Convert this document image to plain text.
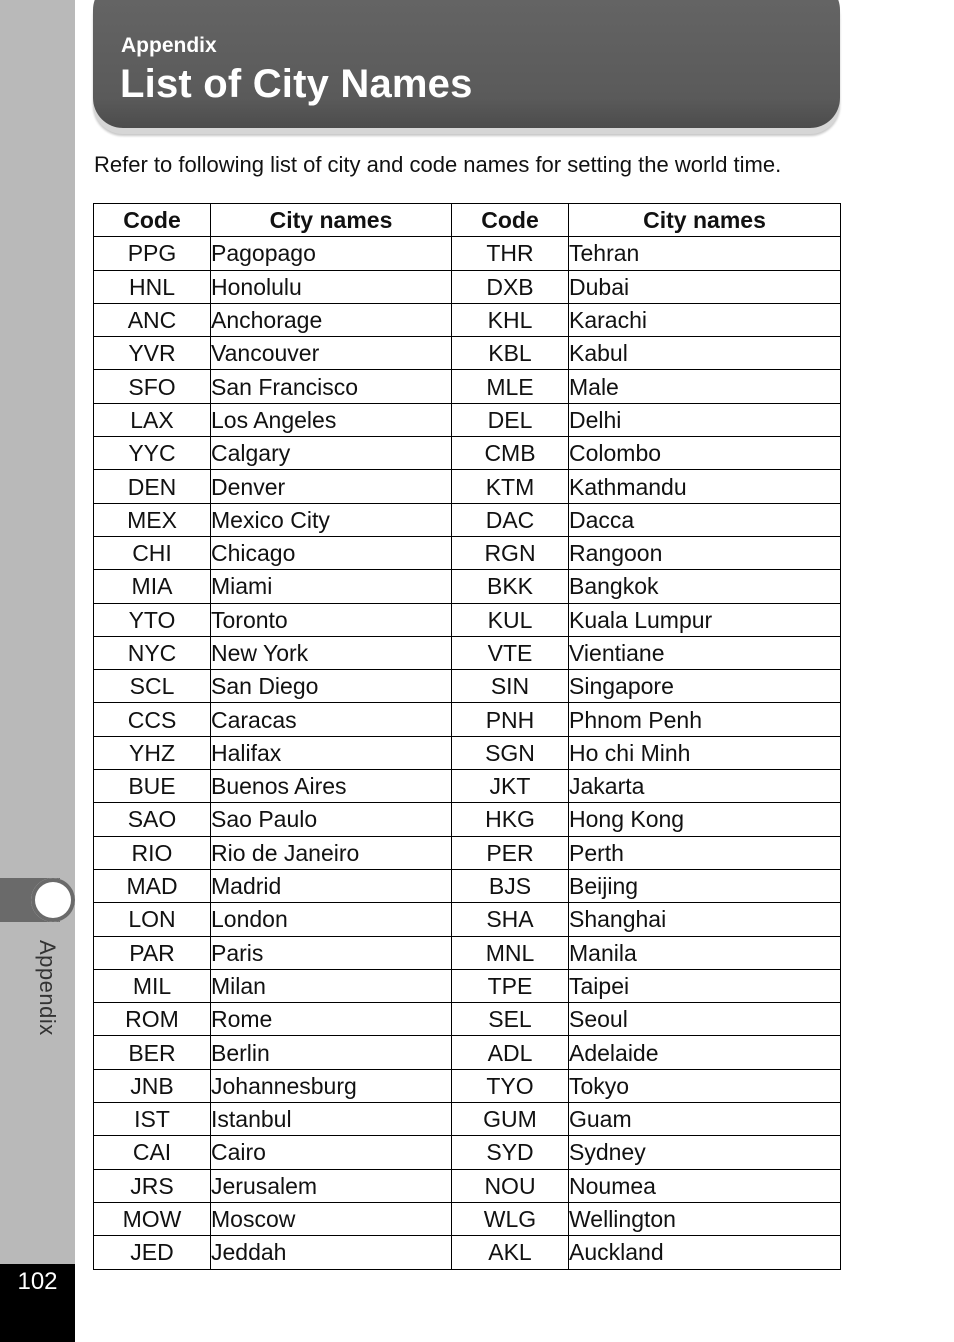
Appendix
102
Appendix
List of City Names
Refer to following list of city and code names for setting the world time.
Code	City names	Code	City names
PPG	Pagopago	THR	Tehran
HNL	Honolulu	DXB	Dubai
ANC	Anchorage	KHL	Karachi
YVR	Vancouver	KBL	Kabul
SFO	San Francisco	MLE	Male
LAX	Los Angeles	DEL	Delhi
YYC	Calgary	CMB	Colombo
DEN	Denver	KTM	Kathmandu
MEX	Mexico City	DAC	Dacca
CHI	Chicago	RGN	Rangoon
MIA	Miami	BKK	Bangkok
YTO	Toronto	KUL	Kuala Lumpur
NYC	New York	VTE	Vientiane
SCL	San Diego	SIN	Singapore
CCS	Caracas	PNH	Phnom Penh
YHZ	Halifax	SGN	Ho chi Minh
BUE	Buenos Aires	JKT	Jakarta
SAO	Sao Paulo	HKG	Hong Kong
RIO	Rio de Janeiro	PER	Perth
MAD	Madrid	BJS	Beijing
LON	London	SHA	Shanghai
PAR	Paris	MNL	Manila
MIL	Milan	TPE	Taipei
ROM	Rome	SEL	Seoul
BER	Berlin	ADL	Adelaide
JNB	Johannesburg	TYO	Tokyo
IST	Istanbul	GUM	Guam
CAI	Cairo	SYD	Sydney
JRS	Jerusalem	NOU	Noumea
MOW	Moscow	WLG	Wellington
JED	Jeddah	AKL	Auckland
